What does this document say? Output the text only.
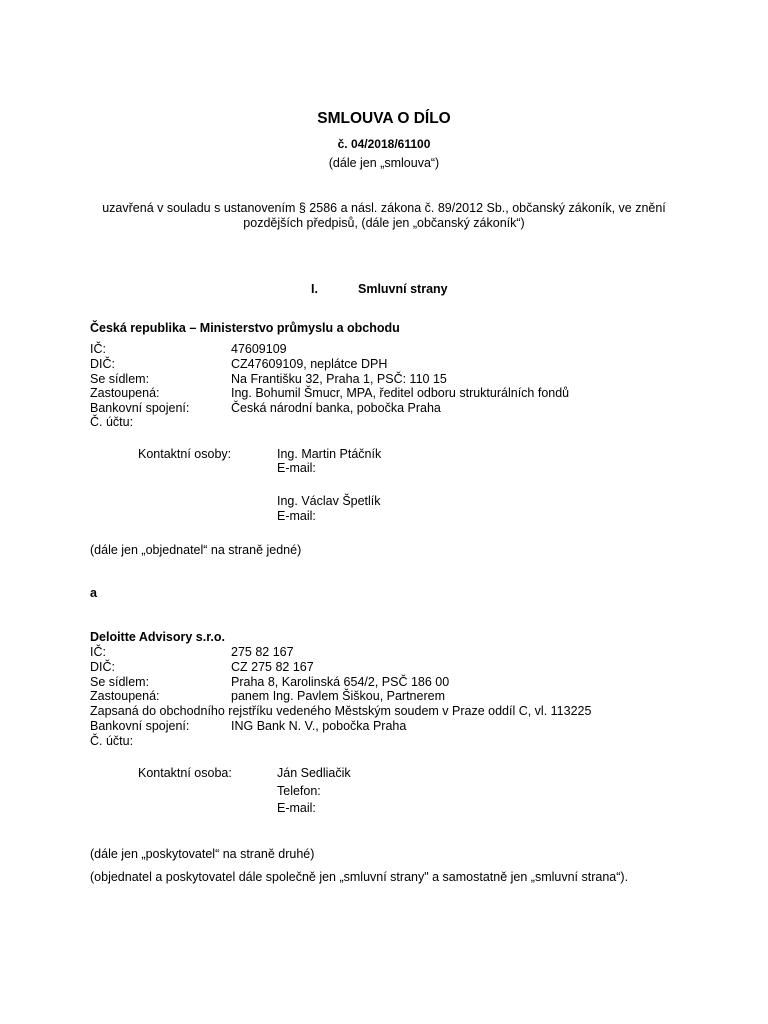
SMLOUVA O DÍLO
č. 04/2018/61100
(dále jen „smlouva“)
uzavřená v souladu s ustanovením § 2586 a násl. zákona č. 89/2012 Sb., občanský zákoník, ve znění
pozdějších předpisů, (dále jen „občanský zákoník“)
I.	Smluvní strany
Česká republika – Ministerstvo průmyslu a obchodu
IČ:	47609109
DIČ:	CZ47609109, neplátce DPH
Se sídlem:	Na Františku 32, Praha 1, PSČ: 110 15
Zastoupená:	Ing. Bohumil Šmucr, MPA, ředitel odboru strukturálních fondů
Bankovní spojení:	Česká národní banka, pobočka Praha
Č. účtu:
Kontaktní osoby:	Ing. Martin Ptáčník
E-mail:
Ing. Václav Špetlík
E-mail:
(dále jen „objednatel“ na straně jedné)
a
Deloitte Advisory s.r.o.
IČ:	275 82 167
DIČ:	CZ 275 82 167
Se sídlem:	Praha 8, Karolinská 654/2, PSČ 186 00
Zastoupená:	panem Ing. Pavlem Šiškou, Partnerem
Zapsaná do obchodního rejstříku vedeného Městským soudem v Praze oddíl C, vl. 113225
Bankovní spojení:	ING Bank N. V., pobočka Praha
Č. účtu:
Kontaktní osoba:	Ján Sedliačik
Telefon:
E-mail:
(dále jen „poskytovatel“ na straně druhé)
(objednatel a poskytovatel dále společně jen „smluvní strany" a samostatně jen „smluvní strana“).
